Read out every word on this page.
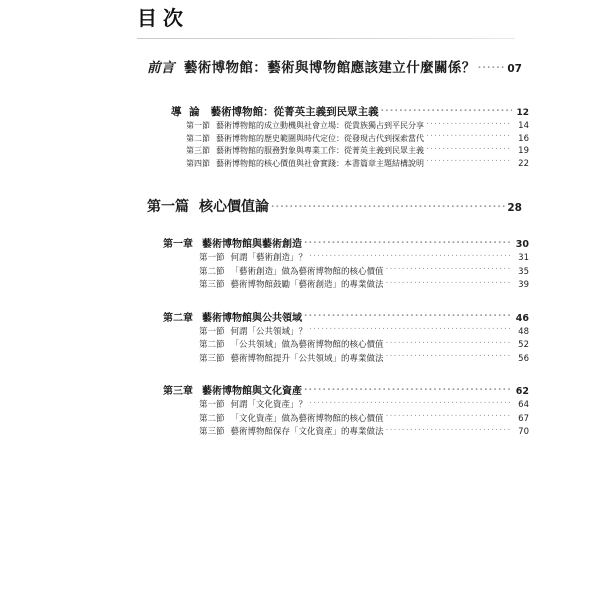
目次
前言 藝術博物館：藝術與博物館應該建立什麼關係？ .....	07
導 論 藝術博物館：從菁英主義到民眾主義 .....	12
第一節 藝術博物館的成立動機與社會立場：從貴族獨占到平民分享 .....	14
第二節 藝術博物館的歷史範圍與時代定位：從發現古代到探索當代 .....	16
第三節 藝術博物館的服務對象與專業工作：從菁英主義到民眾主義 .....	19
第四節 藝術博物館的核心價值與社會實踐：本書篇章主題結構說明 .....	22
第一篇 核心價值論 .....	28
第一章 藝術博物館與藝術創造 .....	30
第一節 何謂「藝術創造」？ .....	31
第二節 「藝術創造」做為藝術博物館的核心價值 .....	35
第三節 藝術博物館鼓勵「藝術創造」的專業做法 .....	39
第二章 藝術博物館與公共領域 .....	46
第一節 何謂「公共領域」？ .....	48
第二節 「公共領域」做為藝術博物館的核心價值 .....	52
第三節 藝術博物館提升「公共領域」的專業做法 .....	56
第三章 藝術博物館與文化資產 .....	62
第一節 何謂「文化資產」？ .....	64
第二節 「文化資產」做為藝術博物館的核心價值 .....	67
第三節 藝術博物館保存「文化資產」的專業做法 .....	70
